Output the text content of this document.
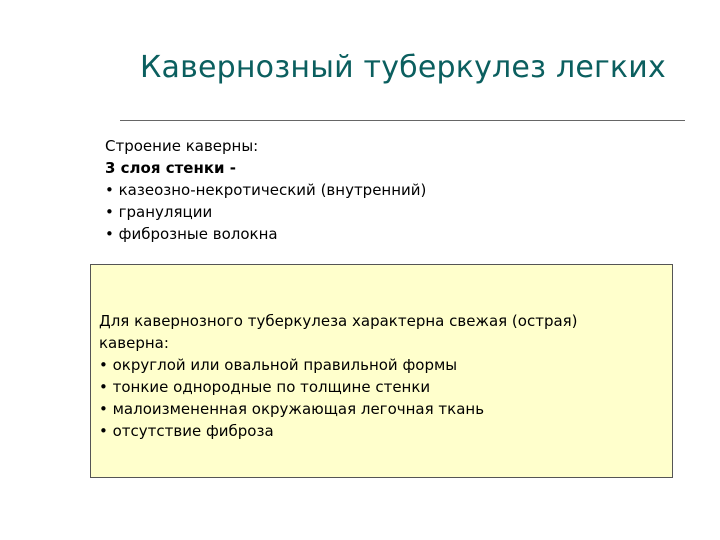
Кавернозный туберкулез легких
Строение каверны:
3 слоя стенки -
• казеозно-некротический (внутренний)
• грануляции
• фиброзные волокна
Для кавернозного туберкулеза характерна свежая (острая)
каверна:
• округлой или овальной правильной формы
• тонкие однородные по толщине стенки
• малоизмененная окружающая легочная ткань
• отсутствие фиброза
